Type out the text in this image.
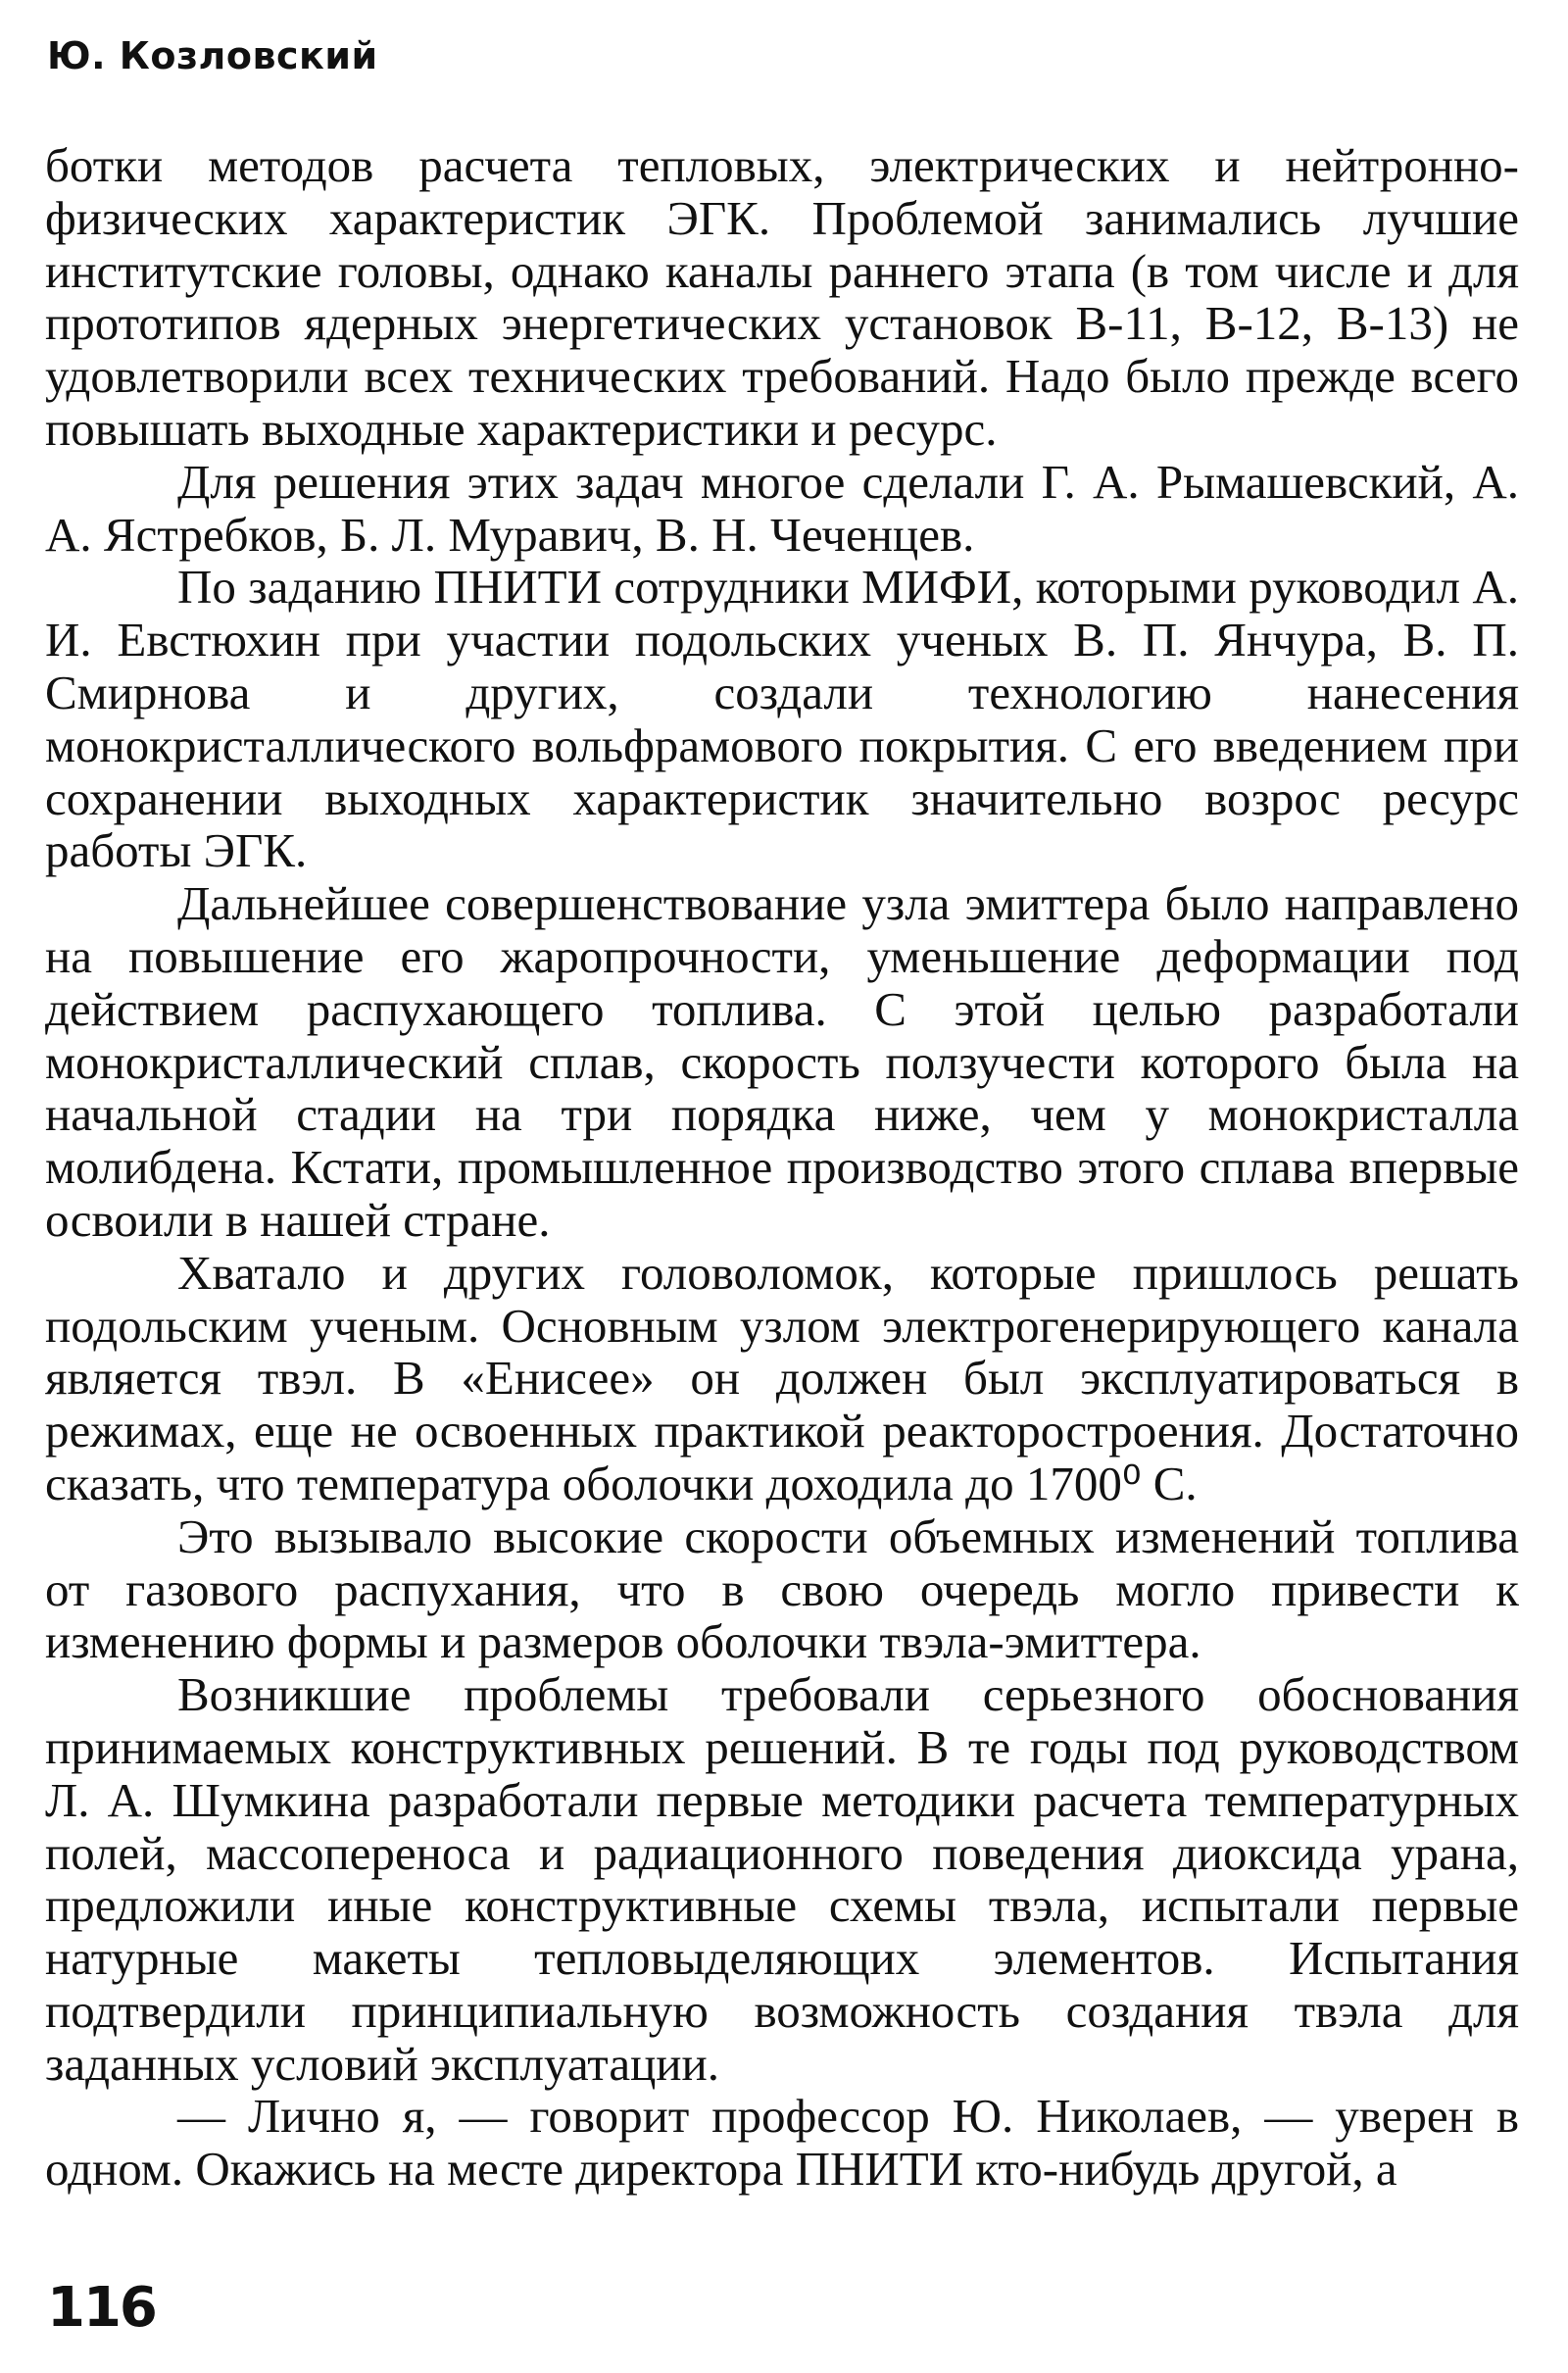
Ю. Козловский

ботки методов расчета тепловых, электрических и нейтронно-физических характеристик ЭГК. Проблемой занимались лучшие институтские головы, однако каналы раннего этапа (в том числе и для прототипов ядерных энергетических установок В-11, В-12, В-13) не удовлетворили всех технических требований. Надо было прежде всего повышать выходные характеристики и ресурс.

Для решения этих задач многое сделали Г. А. Рымашевский, А. А. Ястребков, Б. Л. Муравич, В. Н. Чеченцев.

По заданию ПНИТИ сотрудники МИФИ, которыми руководил А. И. Евстюхин при участии подольских ученых В. П. Янчура, В. П. Смирнова и других, создали технологию нанесения монокристаллического вольфрамового покрытия. С его введением при сохранении выходных характеристик значительно возрос ресурс работы ЭГК.

Дальнейшее совершенствование узла эмиттера было направлено на повышение его жаропрочности, уменьшение деформации под действием распухающего топлива. С этой целью разработали монокристаллический сплав, скорость ползучести которого была на начальной стадии на три порядка ниже, чем у монокристалла молибдена. Кстати, промышленное производство этого сплава впервые освоили в нашей стране.

Хватало и других головоломок, которые пришлось решать подольским ученым. Основным узлом электрогенерирующего канала является твэл. В «Енисее» он должен был эксплуатироваться в режимах, еще не освоенных практикой реакторостроения. Достаточно сказать, что температура оболочки доходила до 1700⁰ С.

Это вызывало высокие скорости объемных изменений топлива от газового распухания, что в свою очередь могло привести к изменению формы и размеров оболочки твэла-эмиттера.

Возникшие проблемы требовали серьезного обоснования принимаемых конструктивных решений. В те годы под руководством Л. А. Шумкина разработали первые методики расчета температурных полей, массопереноса и радиационного поведения диоксида урана, предложили иные конструктивные схемы твэла, испытали первые натурные макеты тепловыделяющих элементов. Испытания подтвердили принципиальную возможность создания твэла для заданных условий эксплуатации.

— Лично я, — говорит профессор Ю. Николаев, — уверен в одном. Окажись на месте директора ПНИТИ кто-нибудь другой, а

116
